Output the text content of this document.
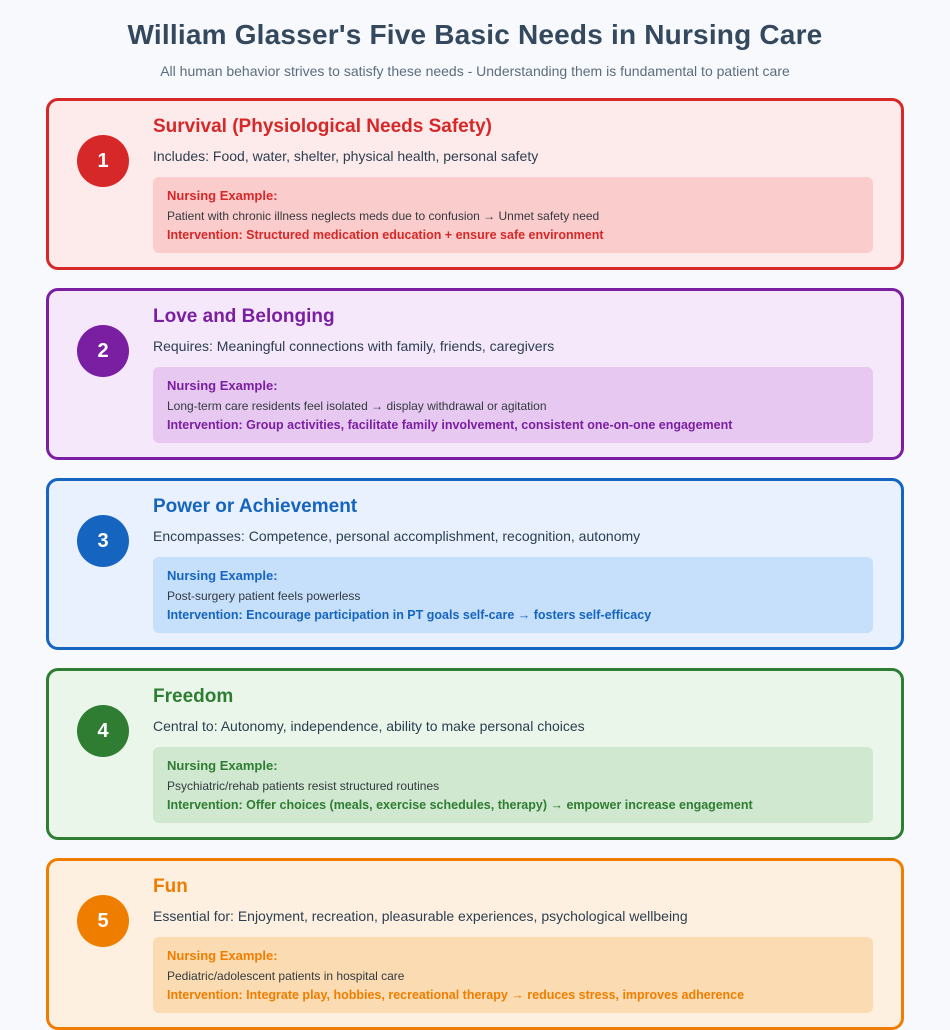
William Glasser's Five Basic Needs in Nursing Care

All human behavior strives to satisfy these needs - Understanding them is fundamental to patient care

1
Survival (Physiological Needs Safety)

Includes: Food, water, shelter, physical health, personal safety

Nursing Example:

Patient with chronic illness neglects meds due to confusion → Unmet safety need

Intervention: Structured medication education + ensure safe environment

2
Love and Belonging

Requires: Meaningful connections with family, friends, caregivers

Nursing Example:

Long-term care residents feel isolated → display withdrawal or agitation

Intervention: Group activities, facilitate family involvement, consistent one-on-one engagement

3
Power or Achievement

Encompasses: Competence, personal accomplishment, recognition, autonomy

Nursing Example:

Post-surgery patient feels powerless

Intervention: Encourage participation in PT goals self-care → fosters self-efficacy

4
Freedom

Central to: Autonomy, independence, ability to make personal choices

Nursing Example:

Psychiatric/rehab patients resist structured routines

Intervention: Offer choices (meals, exercise schedules, therapy) → empower increase engagement

5
Fun

Essential for: Enjoyment, recreation, pleasurable experiences, psychological wellbeing

Nursing Example:

Pediatric/adolescent patients in hospital care

Intervention: Integrate play, hobbies, recreational therapy → reduces stress, improves adherence
